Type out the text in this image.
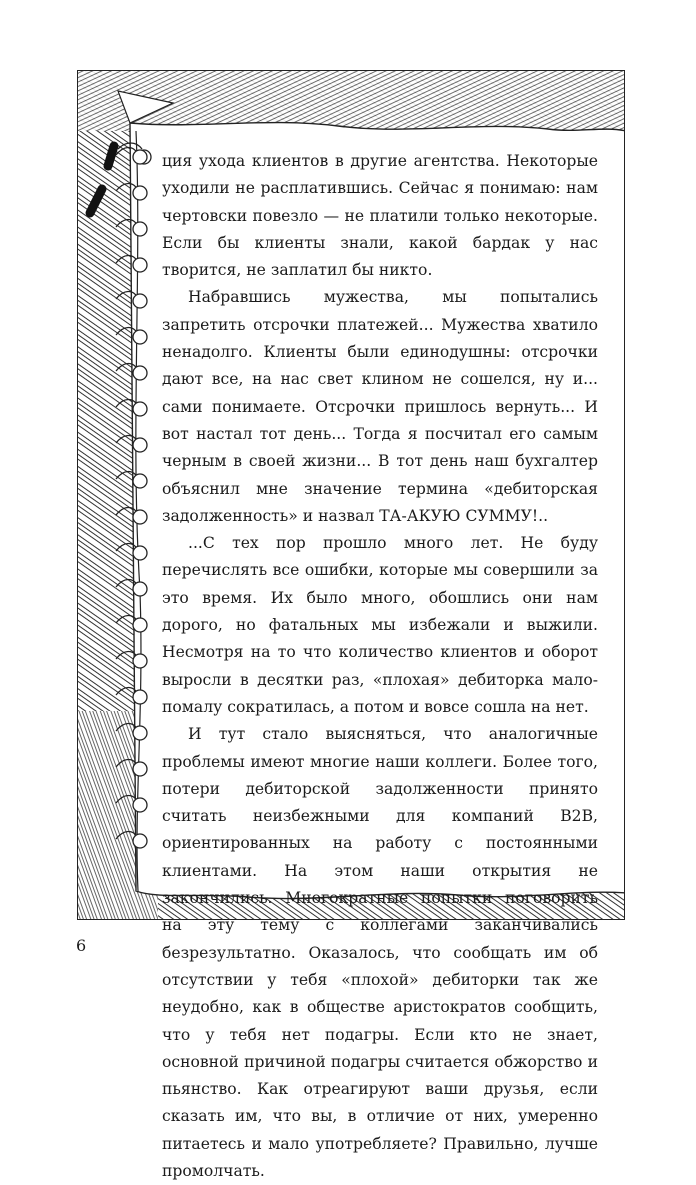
ция ухода клиентов в другие агентства. Некоторые уходили не расплатившись. Сейчас я понимаю: нам чертовски повезло — не платили только некоторые. Если бы клиенты знали, какой бардак у нас творится, не заплатил бы никто.

Набравшись мужества, мы попытались запретить отсрочки платежей... Мужества хватило ненадолго. Клиенты были единодушны: отсрочки дают все, на нас свет клином не сошелся, ну и... сами понимаете. Отсрочки пришлось вернуть... И вот настал тот день... Тогда я посчитал его самым черным в своей жизни... В тот день наш бухгалтер объяснил мне значение термина «дебиторская задолженность» и назвал ТА-АКУЮ СУММУ!..

...С тех пор прошло много лет. Не буду перечислять все ошибки, которые мы совершили за это время. Их было много, обошлись они нам дорого, но фатальных мы избежали и выжили. Несмотря на то что количество клиентов и оборот выросли в десятки раз, «плохая» дебиторка мало-помалу сократилась, а потом и вовсе сошла на нет.

И тут стало выясняться, что аналогичные проблемы имеют многие наши коллеги. Более того, потери дебиторской задолженности принято считать неизбежными для компаний B2B, ориентированных на работу с постоянными клиентами. На этом наши открытия не закончились. Многократные попытки поговорить на эту тему с коллегами заканчивались безрезультатно. Оказалось, что сообщать им об отсутствии у тебя «плохой» дебиторки так же неудобно, как в обществе аристократов сообщить, что у тебя нет подагры. Если кто не знает, основной причиной подагры считается обжорство и пьянство. Как отреагируют ваши друзья, если сказать им, что вы, в отличие от них, умеренно питаетесь и мало употребляете? Правильно, лучше промолчать.

6
